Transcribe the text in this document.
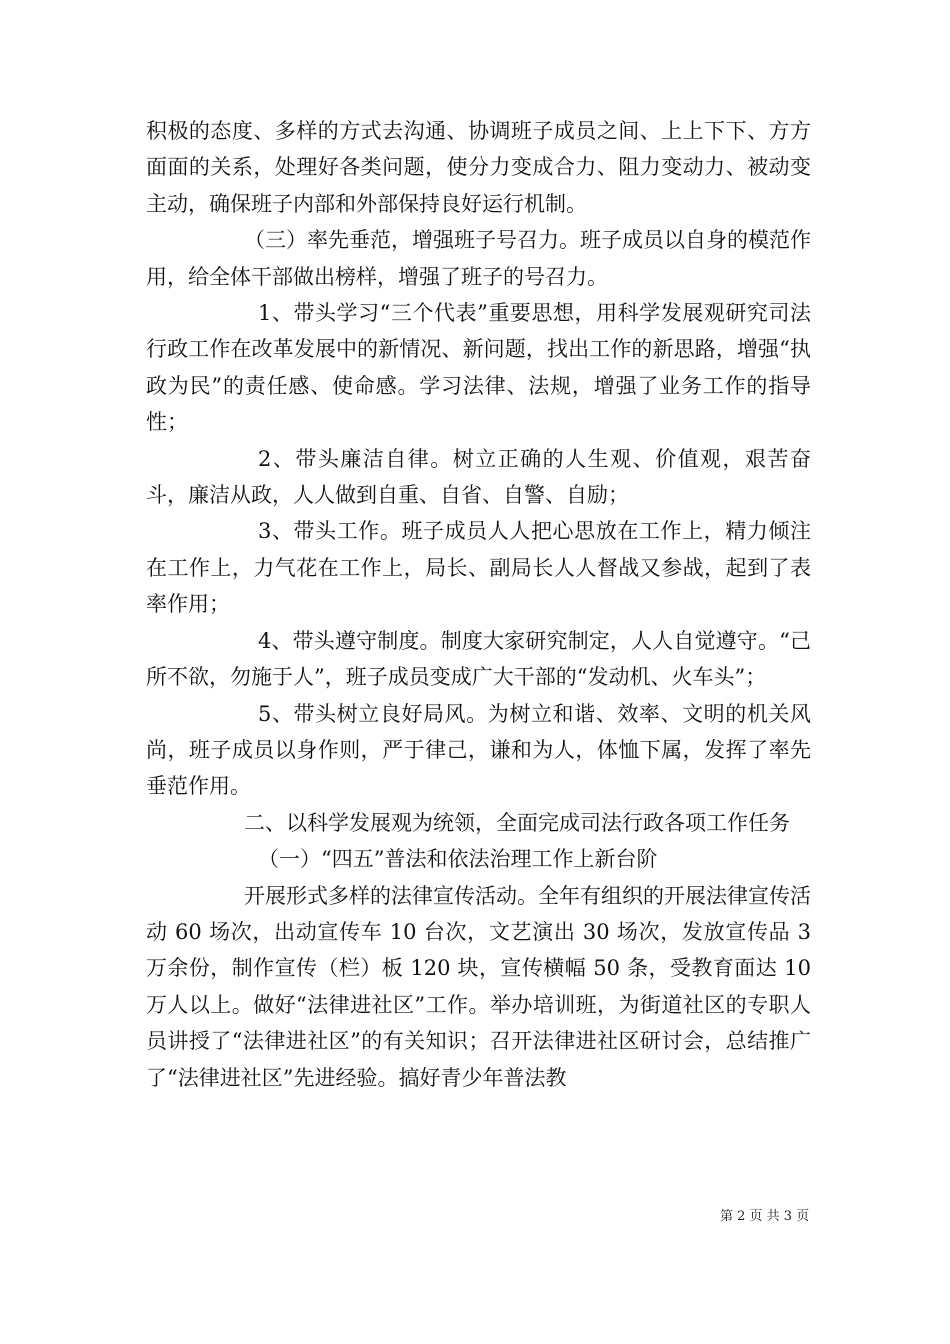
积极的态度、多样的方式去沟通、协调班子成员之间、上上下下、方方面面的关系，处理好各类问题，使分力变成合力、阻力变动力、被动变主动，确保班子内部和外部保持良好运行机制。

（三）率先垂范，增强班子号召力。班子成员以自身的模范作用，给全体干部做出榜样，增强了班子的号召力。

1、带头学习“三个代表”重要思想，用科学发展观研究司法行政工作在改革发展中的新情况、新问题，找出工作的新思路，增强“执政为民”的责任感、使命感。学习法律、法规，增强了业务工作的指导性；

2、带头廉洁自律。树立正确的人生观、价值观，艰苦奋斗，廉洁从政，人人做到自重、自省、自警、自励；

3、带头工作。班子成员人人把心思放在工作上，精力倾注在工作上，力气花在工作上，局长、副局长人人督战又参战，起到了表率作用；

4、带头遵守制度。制度大家研究制定，人人自觉遵守。“己所不欲，勿施于人”，班子成员变成广大干部的“发动机、火车头”；

5、带头树立良好局风。为树立和谐、效率、文明的机关风尚，班子成员以身作则，严于律己，谦和为人，体恤下属，发挥了率先垂范作用。

二、以科学发展观为统领，全面完成司法行政各项工作任务

（一）“四五”普法和依法治理工作上新台阶

开展形式多样的法律宣传活动。全年有组织的开展法律宣传活动 60 场次，出动宣传车 10 台次，文艺演出 30 场次，发放宣传品 3 万余份，制作宣传（栏）板 120 块，宣传横幅 50 条，受教育面达 10 万人以上。做好“法律进社区”工作。举办培训班，为街道社区的专职人员讲授了“法律进社区”的有关知识；召开法律进社区研讨会，总结推广了“法律进社区”先进经验。搞好青少年普法教

第 2 页 共 3 页
